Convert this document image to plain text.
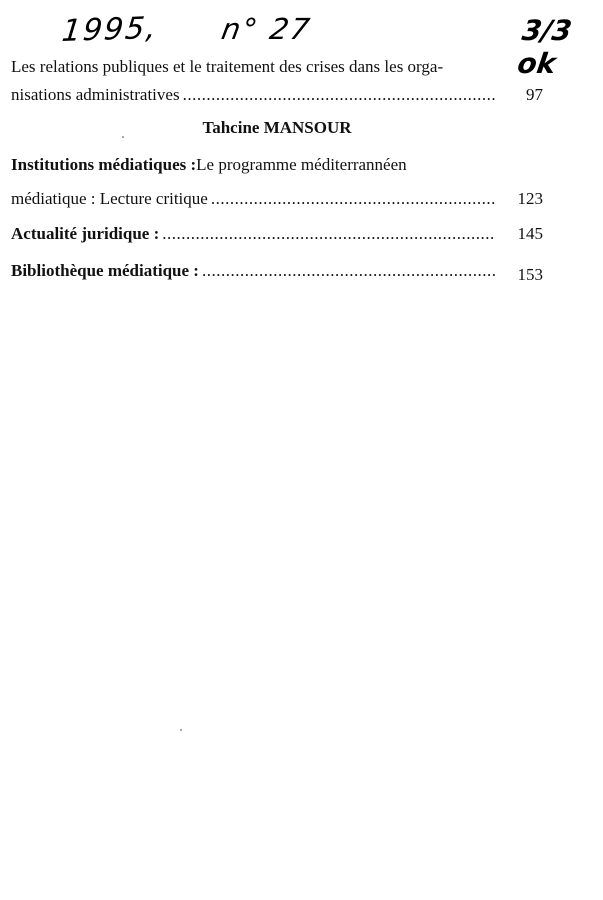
1995, n° 27	3/3 ok
Les relations publiques et le traitement des crises dans les orga-
nisations administratives .....	97
Tahcine MANSOUR
Institutions médiatiques : Le programme méditerrannéen
médiatique : Lecture critique .....	123
Actualité juridique : .....	145
Bibliothèque médiatique : .....	153
